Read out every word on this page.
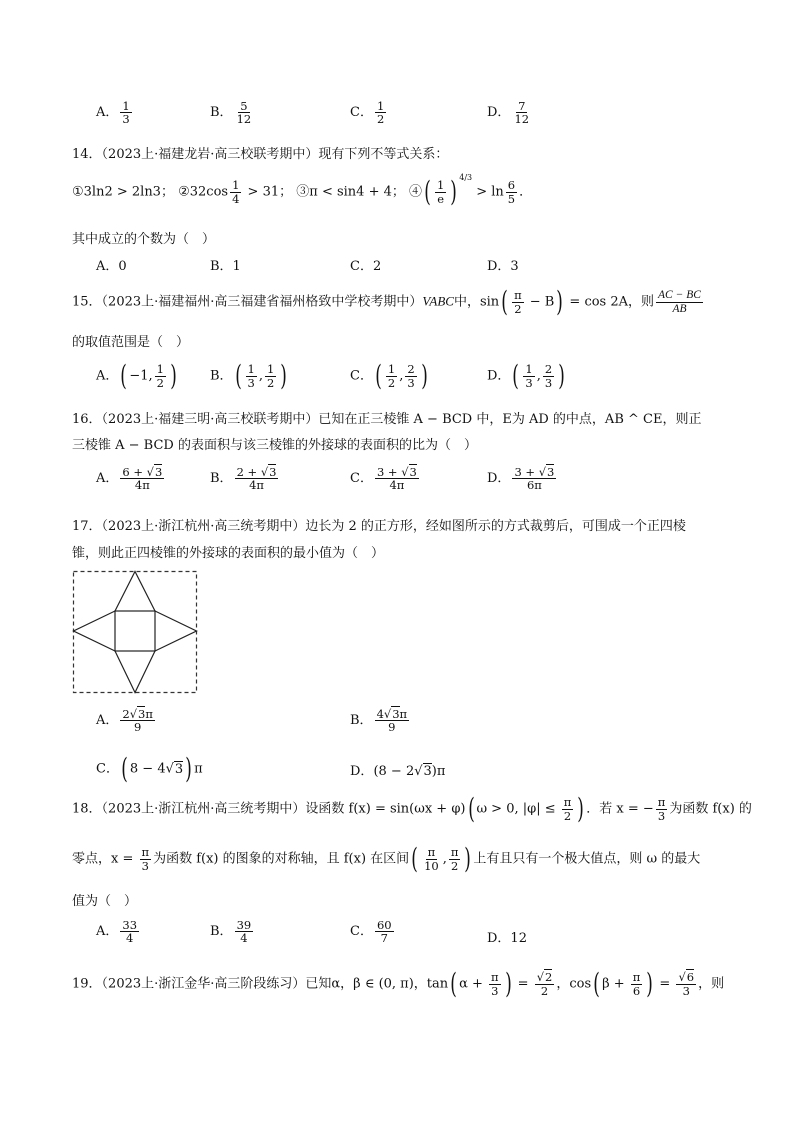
A． $\frac{1}{3}$	B． $\frac{5}{12}$	C． $\frac{1}{2}$	D． $\frac{7}{12}$
14．（2023上·福建龙岩·高三校联考期中）现有下列不等式关系：
①3ln2 > 2ln3； ②32cos $\frac{1}{4} > 31$； ③π < sin4 + 4； ④( $\frac{1}{e}$ ) $^{4/3} > \ln \frac{6}{5}$ ．
其中成立的个数为（　）
A．0	B．1	C．2	D．3
15．（2023上·福建福州·高三福建省福州格致中学校考期中）VABC中，$\sin( \frac{\pi}{2} - B) = \cos 2A$，则 $\frac{AC - BC}{AB}$
的取值范围是（　）
A．( −1, $\frac{1}{2}$ )	B．( $\frac{1}{3}$ , $\frac{1}{2}$ )	C．( $\frac{1}{2}$ , $\frac{2}{3}$ )	D．( $\frac{1}{3}$ , $\frac{2}{3}$ )
16．（2023上·福建三明·高三校联考期中）已知在正三棱锥 A − BCD 中，E为 AD 的中点，AB ^ CE，则正
三棱锥 A − BCD 的表面积与该三棱锥的外接球的表面积的比为（　）
A． $\frac{6 + √3}{4\pi}$	B． $\frac{2 + √3}{4\pi}$	C． $\frac{3 + √3}{4\pi}$	D． $\frac{3 + √3}{6\pi}$
17．（2023上·浙江杭州·高三统考期中）边长为 2 的正方形，经如图所示的方式裁剪后，可围成一个正四棱
锥，则此正四棱锥的外接球的表面积的最小值为（　）
A． $\frac{2√3\pi}{9}$	B． $\frac{4√3\pi}{9}$
C．( 8 − 4√3) π	D．(8 − 2√3)π
18．（2023上·浙江杭州·高三统考期中）设函数 f(x) = sin(ωx + φ)( ω > 0, $|\varphi| \le \frac{\pi}{2}$ ) ．若 x = − $\frac{\pi}{3}$ 为函数 f(x) 的
零点，$x = \frac{\pi}{3}$ 为函数 f(x) 的图象的对称轴，且 f(x) 在区间( $\frac{\pi}{10}$ , $\frac{\pi}{2}$ ) 上有且只有一个极大值点，则 ω 的最大
值为（　）
A． $\frac{33}{4}$	B． $\frac{39}{4}$	C． $\frac{60}{7}$	D．12
19．（2023上·浙江金华·高三阶段练习）已知α，β ∈ (0, π)，tan( $\alpha + \frac{\pi}{3}$ ) = $\frac{√2}{2}$ ，cos( $\beta + \frac{\pi}{6}$ ) = $\frac{√6}{3}$ ，则
